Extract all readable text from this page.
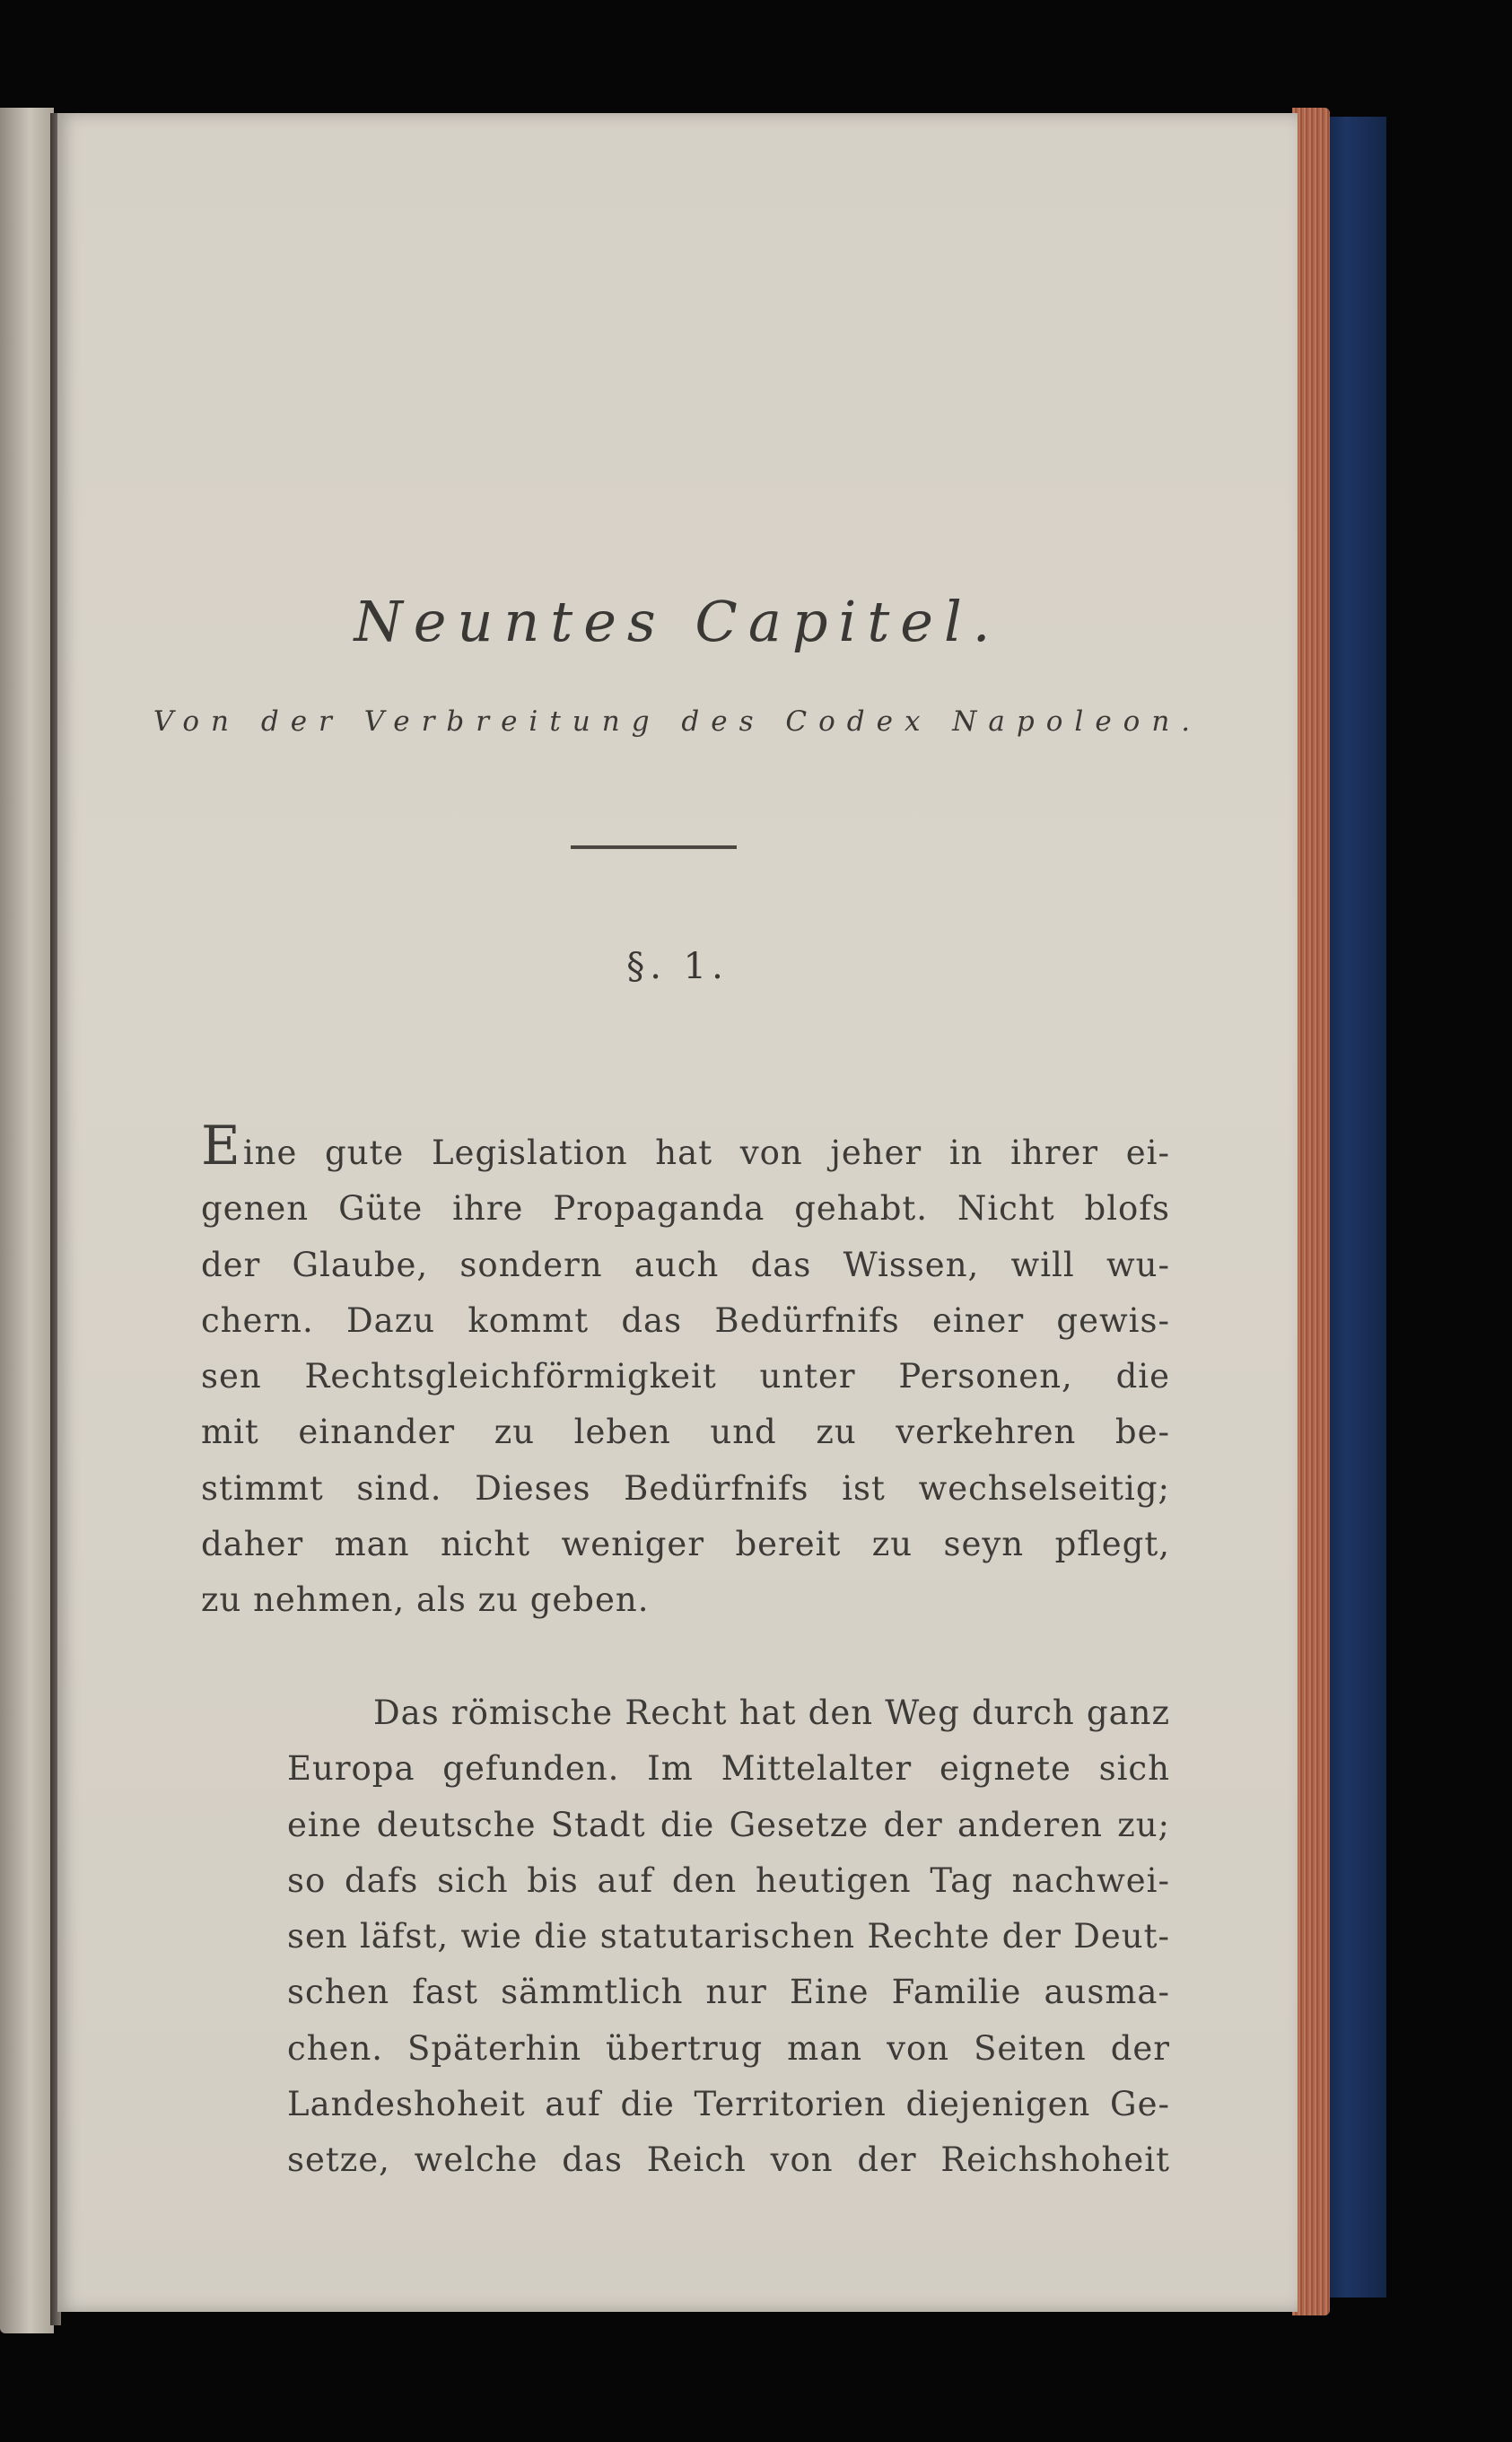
Neuntes Capitel.

Von der Verbreitung des Codex Napoleon.

§. 1.
Eine gute Legislation hat von jeher in ihrer ei-
genen Güte ihre Propaganda gehabt. Nicht blofs
der Glaube, sondern auch das Wissen, will wu-
chern. Dazu kommt das Bedürfnifs einer gewis-
sen Rechtsgleichförmigkeit unter Personen, die
mit einander zu leben und zu verkehren be-
stimmt sind. Dieses Bedürfnifs ist wechselseitig;
daher man nicht weniger bereit zu seyn pflegt,
zu nehmen, als zu geben.
Das römische Recht hat den Weg durch ganz
Europa gefunden. Im Mittelalter eignete sich
eine deutsche Stadt die Gesetze der anderen zu;
so dafs sich bis auf den heutigen Tag nachwei-
sen läfst, wie die statutarischen Rechte der Deut-
schen fast sämmtlich nur Eine Familie ausma-
chen. Späterhin übertrug man von Seiten der
Landeshoheit auf die Territorien diejenigen Ge-
setze, welche das Reich von der Reichshoheit
